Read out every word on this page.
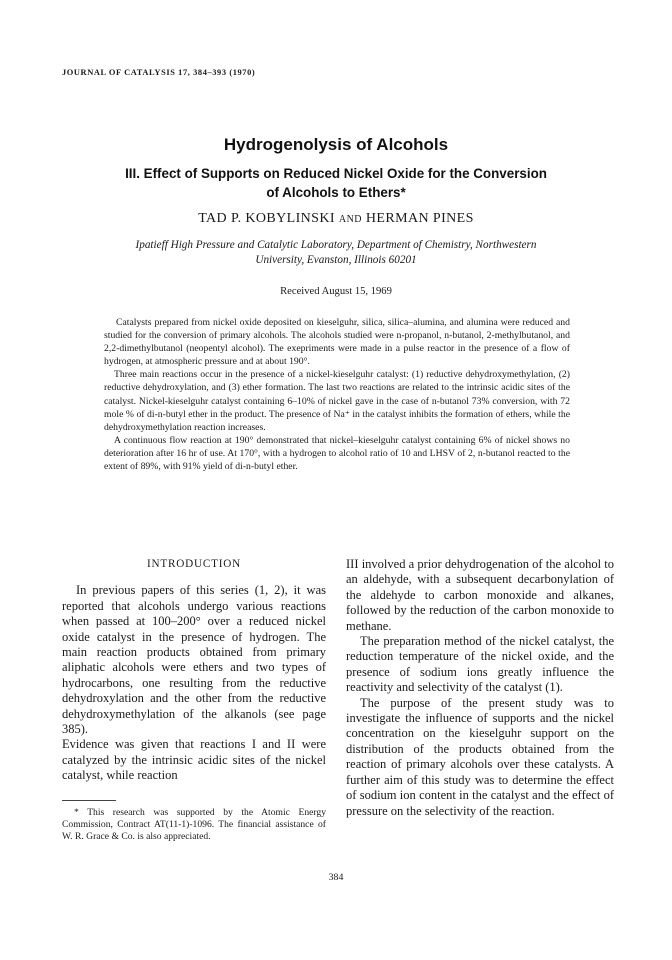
JOURNAL OF CATALYSIS 17, 384–393 (1970)
Hydrogenolysis of Alcohols
III. Effect of Supports on Reduced Nickel Oxide for the Conversion of Alcohols to Ethers*
TAD P. KOBYLINSKI AND HERMAN PINES
Ipatieff High Pressure and Catalytic Laboratory, Department of Chemistry, Northwestern University, Evanston, Illinois 60201
Received August 15, 1969

Catalysts prepared from nickel oxide deposited on kieselguhr, silica, silica–alumina, and alumina were reduced and studied for the conversion of primary alcohols. The alcohols studied were n-propanol, n-butanol, 2-methylbutanol, and 2,2-dimethylbutanol (neopentyl alcohol). The exepriments were made in a pulse reactor in the presence of a flow of hydrogen, at atmospheric pressure and at about 190°.

Three main reactions occur in the presence of a nickel-kieselguhr catalyst: (1) reductive dehydroxymethylation, (2) reductive dehydroxylation, and (3) ether formation. The last two reactions are related to the intrinsic acidic sites of the catalyst. Nickel-kieselguhr catalyst containing 6–10% of nickel gave in the case of n-butanol 73% conversion, with 72 mole % of di-n-butyl ether in the product. The presence of Na⁺ in the catalyst inhibits the formation of ethers, while the dehydroxymethylation reaction increases.

A continuous flow reaction at 190° demonstrated that nickel–kieselguhr catalyst containing 6% of nickel shows no deterioration after 16 hr of use. At 170°, with a hydrogen to alcohol ratio of 10 and LHSV of 2, n-butanol reacted to the extent of 89%, with 91% yield of di-n-butyl ether.

INTRODUCTION

In previous papers of this series (1, 2), it was reported that alcohols undergo various reactions when passed at 100–200° over a reduced nickel oxide catalyst in the presence of hydrogen. The main reaction products obtained from primary aliphatic alcohols were ethers and two types of hydrocarbons, one resulting from the reductive dehydroxylation and the other from the reductive dehydroxymethylation of the alkanols (see page 385).

Evidence was given that reactions I and II were catalyzed by the intrinsic acidic sites of the nickel catalyst, while reaction

* This research was supported by the Atomic Energy Commission, Contract AT(11-1)-1096. The financial assistance of W. R. Grace & Co. is also appreciated.

III involved a prior dehydrogenation of the alcohol to an aldehyde, with a subsequent decarbonylation of the aldehyde to carbon monoxide and alkanes, followed by the reduction of the carbon monoxide to methane.

The preparation method of the nickel catalyst, the reduction temperature of the nickel oxide, and the presence of sodium ions greatly influence the reactivity and selectivity of the catalyst (1).

The purpose of the present study was to investigate the influence of supports and the nickel concentration on the kieselguhr support on the distribution of the products obtained from the reaction of primary alcohols over these catalysts. A further aim of this study was to determine the effect of sodium ion content in the catalyst and the effect of pressure on the selectivity of the reaction.

384
